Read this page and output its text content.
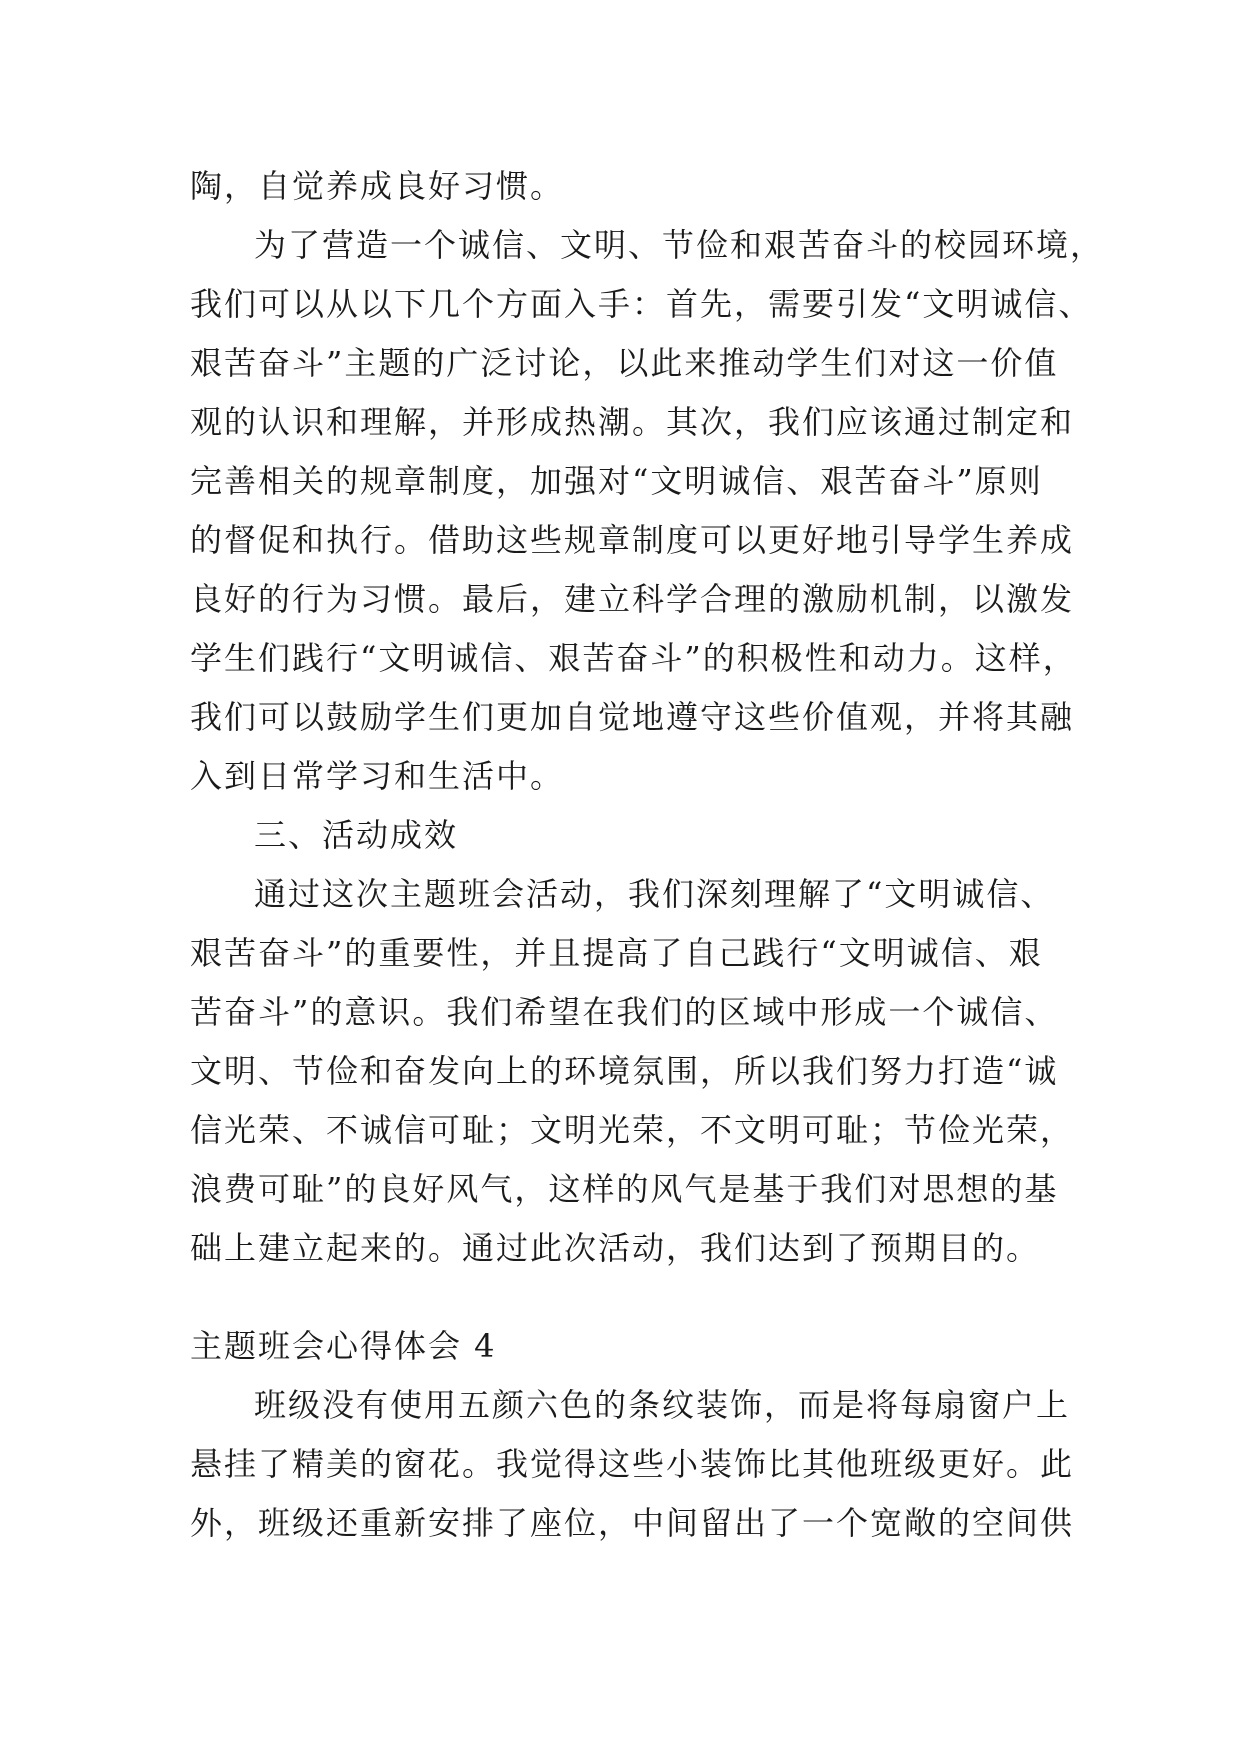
陶，自觉养成良好习惯。
为了营造一个诚信、文明、节俭和艰苦奋斗的校园环境，
我们可以从以下几个方面入手：首先，需要引发“文明诚信、
艰苦奋斗”主题的广泛讨论，以此来推动学生们对这一价值
观的认识和理解，并形成热潮。其次，我们应该通过制定和
完善相关的规章制度，加强对“文明诚信、艰苦奋斗”原则
的督促和执行。借助这些规章制度可以更好地引导学生养成
良好的行为习惯。最后，建立科学合理的激励机制，以激发
学生们践行“文明诚信、艰苦奋斗”的积极性和动力。这样，
我们可以鼓励学生们更加自觉地遵守这些价值观，并将其融
入到日常学习和生活中。
三、活动成效
通过这次主题班会活动，我们深刻理解了“文明诚信、
艰苦奋斗”的重要性，并且提高了自己践行“文明诚信、艰
苦奋斗”的意识。我们希望在我们的区域中形成一个诚信、
文明、节俭和奋发向上的环境氛围，所以我们努力打造“诚
信光荣、不诚信可耻；文明光荣，不文明可耻；节俭光荣，
浪费可耻”的良好风气，这样的风气是基于我们对思想的基
础上建立起来的。通过此次活动，我们达到了预期目的。
主题班会心得体会 4
班级没有使用五颜六色的条纹装饰，而是将每扇窗户上
悬挂了精美的窗花。我觉得这些小装饰比其他班级更好。此
外，班级还重新安排了座位，中间留出了一个宽敞的空间供
